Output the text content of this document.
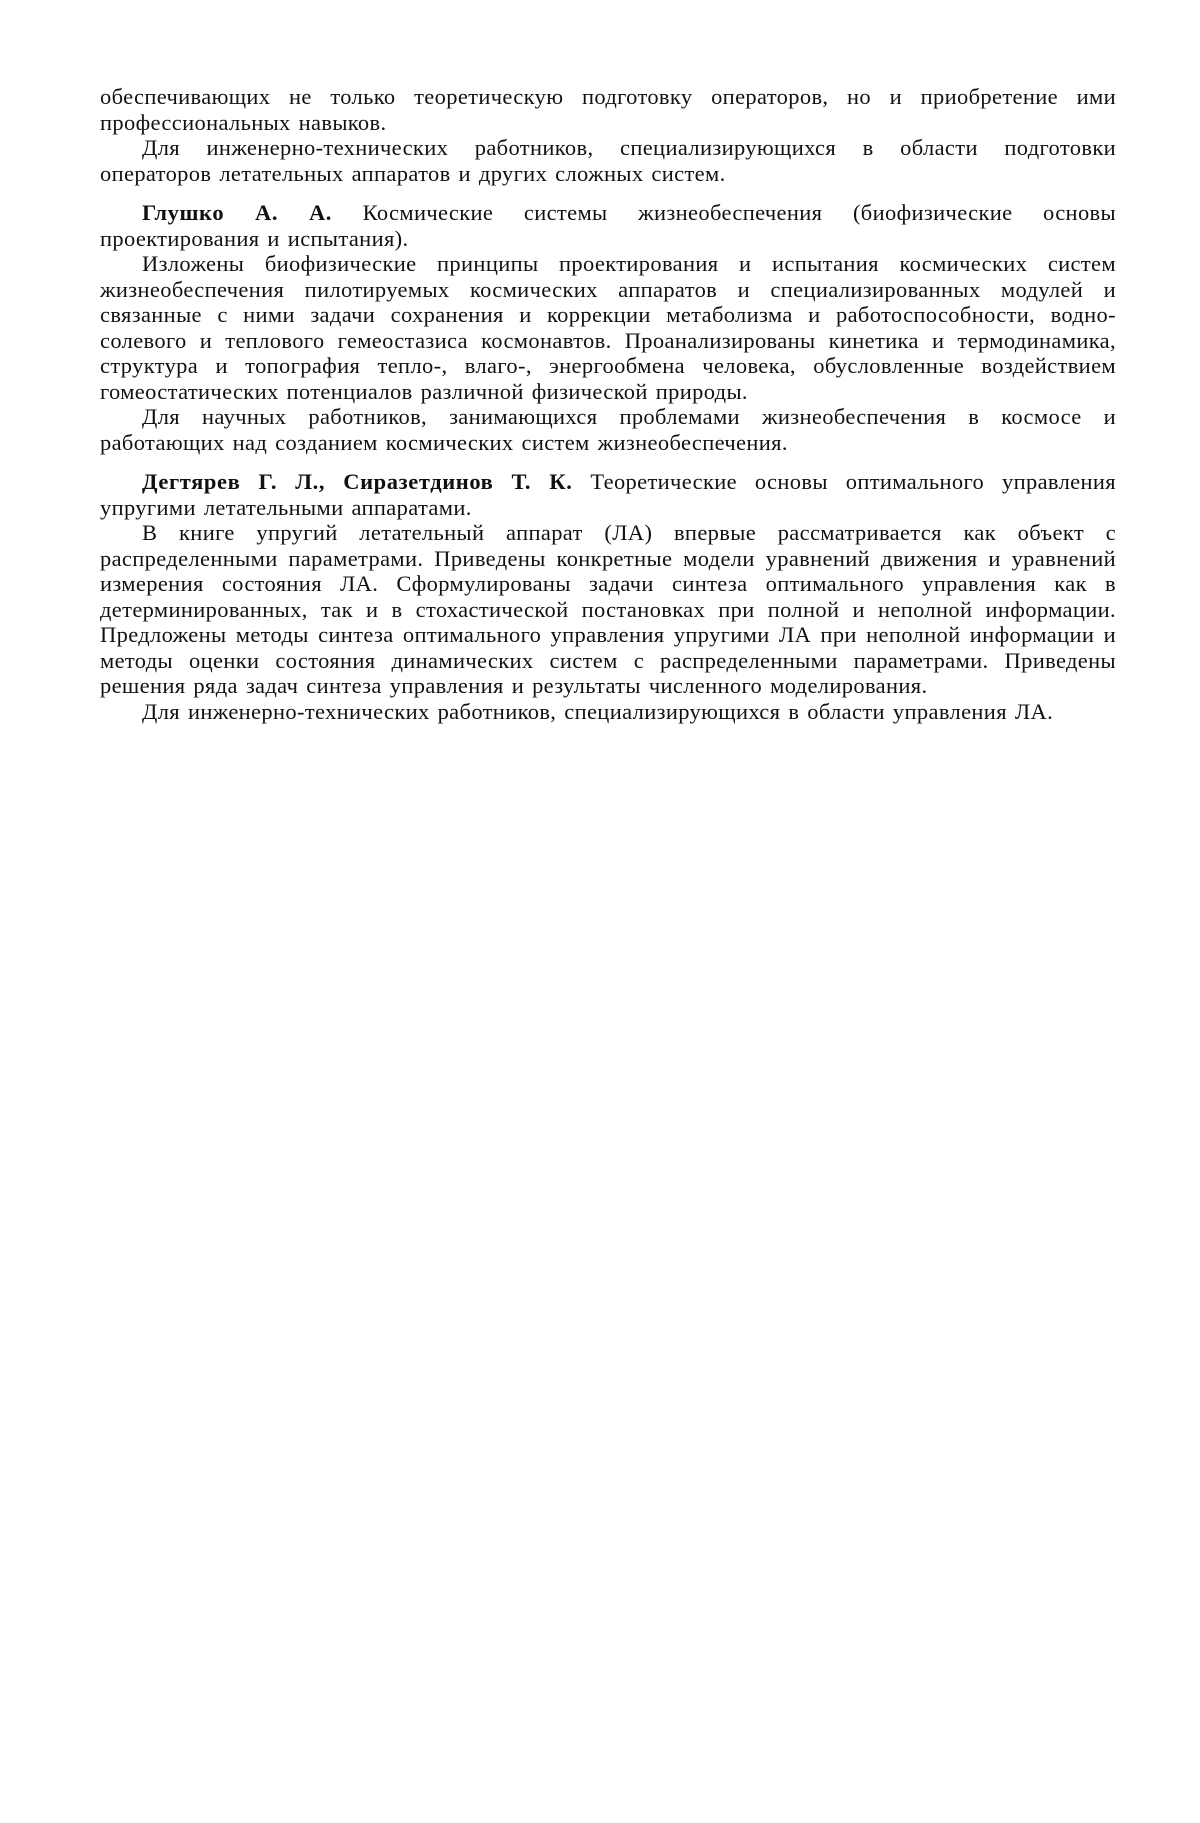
обеспечивающих не только теоретическую подготовку операторов, но и приобретение ими профессиональных навыков.

Для инженерно-технических работников, специализирующихся в области подготовки операторов летательных аппаратов и других сложных систем.

Глушко А. А. Космические системы жизнеобеспечения (биофизические основы проектирования и испытания).

Изложены биофизические принципы проектирования и испытания космических систем жизнеобеспечения пилотируемых космических аппаратов и специализированных модулей и связанные с ними задачи сохранения и коррекции метаболизма и работоспособности, водно-солевого и теплового гемеостазиса космонавтов. Проанализированы кинетика и термодинамика, структура и топография тепло-, влаго-, энергообмена человека, обусловленные воздействием гомеостатических потенциалов различной физической природы.

Для научных работников, занимающихся проблемами жизнеобеспечения в космосе и работающих над созданием космических систем жизнеобеспечения.

Дегтярев Г. Л., Сиразетдинов Т. К. Теоретические основы оптимального управления упругими летательными аппаратами.

В книге упругий летательный аппарат (ЛА) впервые рассматривается как объект с распределенными параметрами. Приведены конкретные модели уравнений движения и уравнений измерения состояния ЛА. Сформулированы задачи синтеза оптимального управления как в детерминированных, так и в стохастической постановках при полной и неполной информации. Предложены методы синтеза оптимального управления упругими ЛА при неполной информации и методы оценки состояния динамических систем с распределенными параметрами. Приведены решения ряда задач синтеза управления и результаты численного моделирования.

Для инженерно-технических работников, специализирующихся в области управления ЛА.
